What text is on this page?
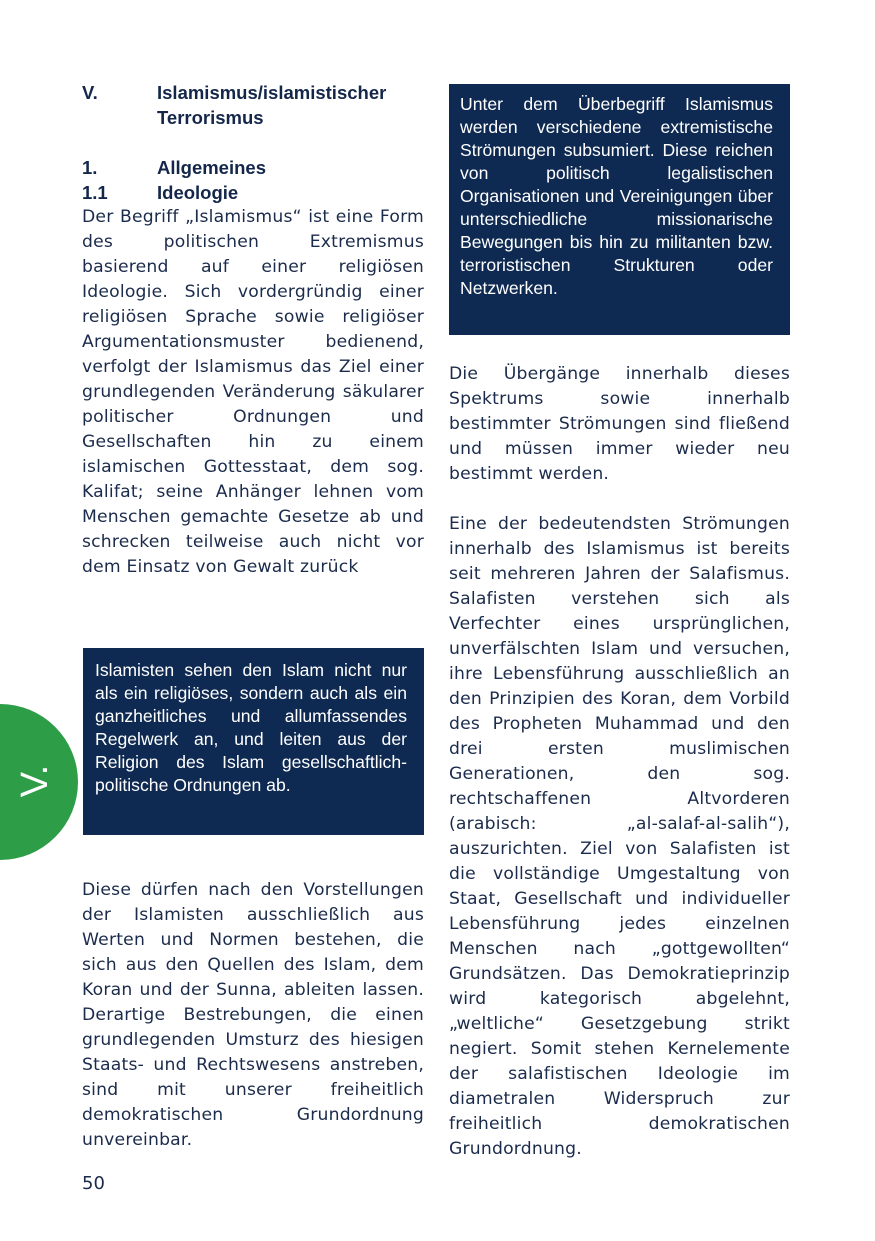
V.
V.	Islamismus/islamistischer Terrorismus
1.	Allgemeines
1.1	Ideologie

Der Begriff „Islamismus“ ist eine Form des politischen Extremismus basierend auf einer religiösen Ideologie. Sich vordergründig einer religiösen Sprache sowie religiöser Argumentationsmuster bedienend, verfolgt der Islamismus das Ziel einer grundlegenden Veränderung säkularer politischer Ordnungen und Gesellschaften hin zu einem islamischen Gottesstaat, dem sog. Kalifat; seine Anhänger lehnen vom Menschen gemachte Gesetze ab und schrecken teilweise auch nicht vor dem Einsatz von Gewalt zurück

Islamisten sehen den Islam nicht nur als ein religiöses, sondern auch als ein ganzheitliches und allumfassendes Regelwerk an, und leiten aus der Religion des Islam gesellschaftlich-politische Ordnungen ab.

Diese dürfen nach den Vorstellungen der Islamisten ausschließlich aus Werten und Normen bestehen, die sich aus den Quellen des Islam, dem Koran und der Sunna, ableiten lassen. Derartige Bestrebungen, die einen grundlegenden Umsturz des hiesigen Staats- und Rechtswesens anstreben, sind mit unserer freiheitlich demokratischen Grundordnung unvereinbar.

Unter dem Überbegriff Islamismus werden verschiedene extremistische Strömungen subsumiert. Diese reichen von politisch legalistischen Organisationen und Vereinigungen über unterschiedliche missionarische Bewegungen bis hin zu militanten bzw. terroristischen Strukturen oder Netzwerken.

Die Übergänge innerhalb dieses Spektrums sowie innerhalb bestimmter Strömungen sind fließend und müssen immer wieder neu bestimmt werden.

Eine der bedeutendsten Strömungen innerhalb des Islamismus ist bereits seit mehreren Jahren der Salafismus. Salafisten verstehen sich als Verfechter eines ursprünglichen, unverfälschten Islam und versuchen, ihre Lebensführung ausschließlich an den Prinzipien des Koran, dem Vorbild des Propheten Muhammad und den drei ersten muslimischen Generationen, den sog. rechtschaffenen Altvorderen (arabisch: „al-salaf-al-salih“), auszurichten. Ziel von Salafisten ist die vollständige Umgestaltung von Staat, Gesellschaft und individueller Lebensführung jedes einzelnen Menschen nach „gottgewollten“ Grundsätzen. Das Demokratieprinzip wird kategorisch abgelehnt, „weltliche“ Gesetzgebung strikt negiert. Somit stehen Kernelemente der salafistischen Ideologie im diametralen Widerspruch zur freiheitlich demokratischen Grundordnung.

50
